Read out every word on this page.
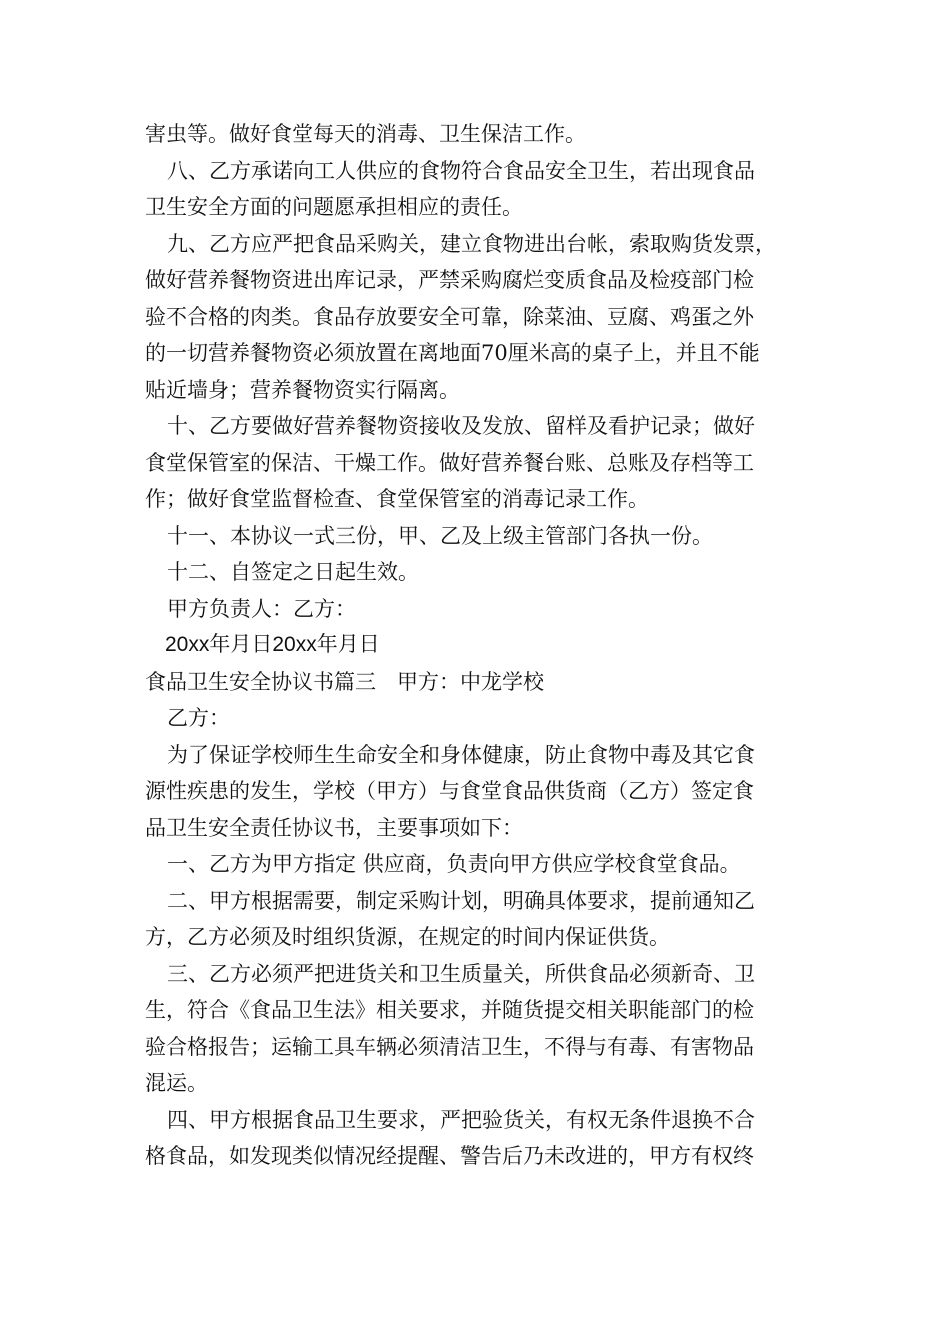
害虫等。做好食堂每天的消毒、卫生保洁工作。
八、乙方承诺向工人供应的食物符合食品安全卫生，若出现食品
卫生安全方面的问题愿承担相应的责任。
九、乙方应严把食品采购关，建立食物进出台帐，索取购货发票，
做好营养餐物资进出库记录，严禁采购腐烂变质食品及检疫部门检
验不合格的肉类。食品存放要安全可靠，除菜油、豆腐、鸡蛋之外
的一切营养餐物资必须放置在离地面70厘米高的桌子上，并且不能
贴近墙身；营养餐物资实行隔离。
十、乙方要做好营养餐物资接收及发放、留样及看护记录；做好
食堂保管室的保洁、干燥工作。做好营养餐台账、总账及存档等工
作；做好食堂监督检查、食堂保管室的消毒记录工作。
十一、本协议一式三份，甲、乙及上级主管部门各执一份。
十二、自签定之日起生效。
甲方负责人：乙方：
20xx年月日20xx年月日
食品卫生安全协议书篇三　甲方：中龙学校
乙方：
为了保证学校师生生命安全和身体健康，防止食物中毒及其它食
源性疾患的发生，学校（甲方）与食堂食品供货商（乙方）签定食
品卫生安全责任协议书，主要事项如下：
一、乙方为甲方指定 供应商，负责向甲方供应学校食堂食品。
二、甲方根据需要，制定采购计划，明确具体要求，提前通知乙
方，乙方必须及时组织货源，在规定的时间内保证供货。
三、乙方必须严把进货关和卫生质量关，所供食品必须新奇、卫
生，符合《食品卫生法》相关要求，并随货提交相关职能部门的检
验合格报告；运输工具车辆必须清洁卫生，不得与有毒、有害物品
混运。
四、甲方根据食品卫生要求，严把验货关，有权无条件退换不合
格食品，如发现类似情况经提醒、警告后乃未改进的，甲方有权终
